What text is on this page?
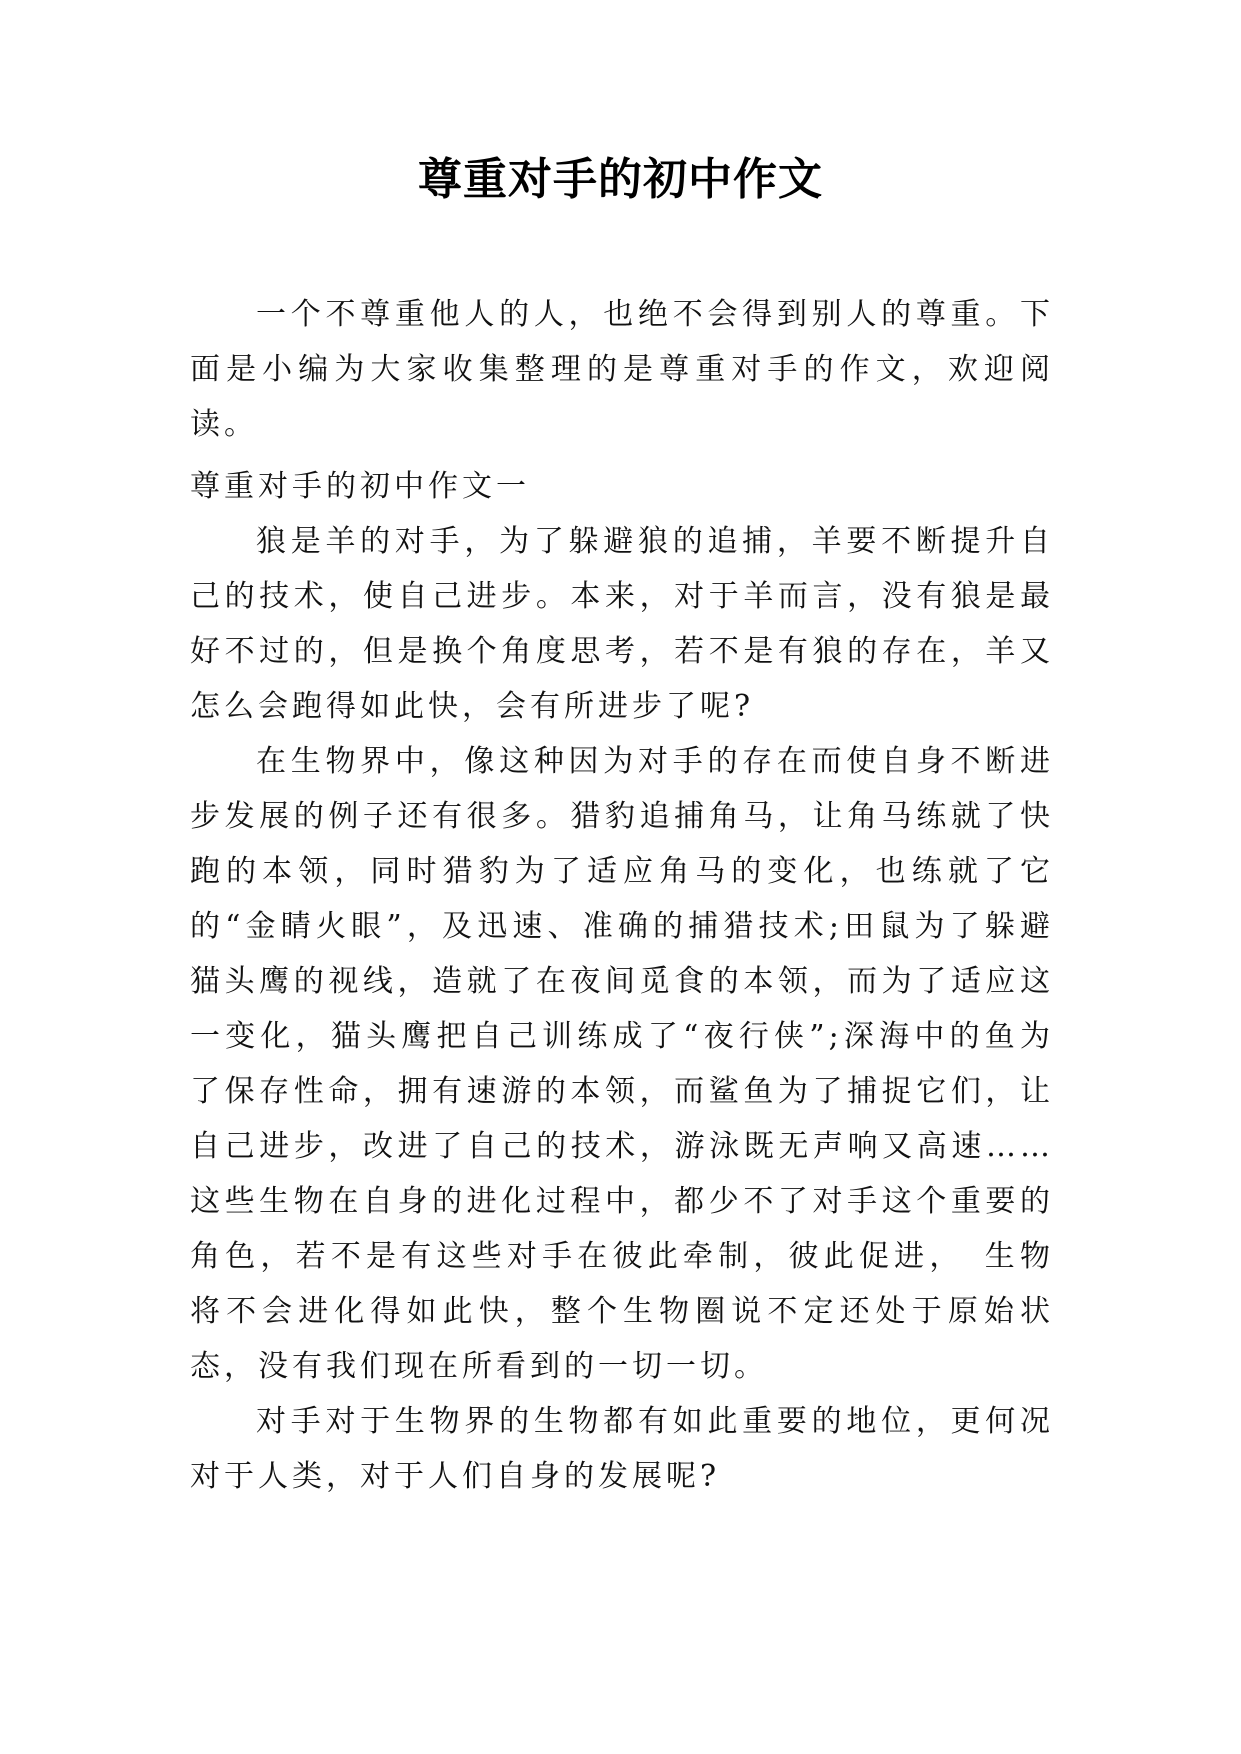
尊重对手的初中作文

一个不尊重他人的人，也绝不会得到别人的尊重。下面是小编为大家收集整理的是尊重对手的作文，欢迎阅读。

尊重对手的初中作文一

狼是羊的对手，为了躲避狼的追捕，羊要不断提升自己的技术，使自己进步。本来，对于羊而言，没有狼是最好不过的，但是换个角度思考，若不是有狼的存在，羊又怎么会跑得如此快，会有所进步了呢?

在生物界中，像这种因为对手的存在而使自身不断进步发展的例子还有很多。猎豹追捕角马，让角马练就了快跑的本领，同时猎豹为了适应角马的变化，也练就了它的“金睛火眼”，及迅速、准确的捕猎技术;田鼠为了躲避猫头鹰的视线，造就了在夜间觅食的本领，而为了适应这一变化，猫头鹰把自己训练成了“夜行侠”;深海中的鱼为了保存性命，拥有速游的本领，而鲨鱼为了捕捉它们，让自己进步，改进了自己的技术，游泳既无声响又高速……这些生物在自身的进化过程中，都少不了对手这个重要的角色，若不是有这些对手在彼此牵制，彼此促进，　生物将不会进化得如此快，整个生物圈说不定还处于原始状态，没有我们现在所看到的一切一切。

对手对于生物界的生物都有如此重要的地位，更何况对于人类，对于人们自身的发展呢?
